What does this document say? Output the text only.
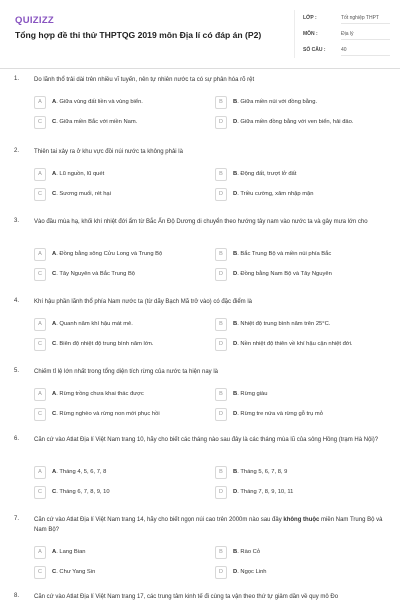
QUIZIZZ
Tổng hợp đề thi thử THPTQG 2019 môn Địa lí có đáp án (P2)
LỚP :	Tốt nghiệp THPT
MÔN :	Địa lý
SỐ CÂU :	40
1. Do lãnh thổ trải dài trên nhiều vĩ tuyến, nên tự nhiên nước ta có sự phân hóa rõ rệt
A	A. Giữa vùng đất liền và vùng biển.	B	B. Giữa miền núi với đồng bằng.
C	C. Giữa miền Bắc với miền Nam.	D	D. Giữa miền đồng bằng với ven biển, hải đảo.
2. Thiên tai xảy ra ở khu vực đồi núi nước ta không phải là
A	A. Lũ nguồn, lũ quét	B	B. Động đất, trượt lở đất
C	C. Sương muối, rét hại	D	D. Triều cường, xâm nhập mặn
3. Vào đầu mùa hạ, khối khí nhiệt đới ẩm từ Bắc Ấn Độ Dương di chuyển theo hướng tây nam vào nước ta và gây mưa lớn cho
A	A. Đồng bằng sông Cửu Long và Trung Bộ	B	B. Bắc Trung Bộ và miền núi phía Bắc
C	C. Tây Nguyên và Bắc Trung Bộ	D	D. Đồng bằng Nam Bộ và Tây Nguyên
4. Khí hậu phần lãnh thổ phía Nam nước ta (từ dãy Bạch Mã trở vào) có đặc điểm là
A	A. Quanh năm khí hậu mát mẻ.	B	B. Nhiệt độ trung bình năm trên 25°C.
C	C. Biên độ nhiệt độ trung bình năm lớn.	D	D. Nền nhiệt độ thiên về khí hậu cận nhiệt đới.
5. Chiếm tỉ lệ lớn nhất trong tổng diện tích rừng của nước ta hiện nay là
A	A. Rừng trồng chưa khai thác được	B	B. Rừng giàu
C	C. Rừng nghèo và rừng non mới phục hồi	D	D. Rừng tre nứa và rừng gỗ trụ mỏ
6. Căn cứ vào Atlat Địa lí Việt Nam trang 10, hãy cho biết các tháng nào sau đây là các tháng mùa lũ của sông Hồng (trạm Hà Nội)?
A	A. Tháng 4, 5, 6, 7, 8	B	B. Tháng 5, 6, 7, 8, 9
C	C. Tháng 6, 7, 8, 9, 10	D	D. Tháng 7, 8, 9, 10, 11
7. Căn cứ vào Atlat Địa lí Việt Nam trang 14, hãy cho biết ngọn núi cao trên 2000m nào sau đây không thuộc miền Nam Trung Bộ và Nam Bộ?
A	A. Lang Bian	B	B. Rào Cỏ
C	C. Chư Yang Sin	D	D. Ngọc Linh
8. Căn cứ vào Atlat Địa lí Việt Nam trang 17, các trung tâm kinh tế đi cùng ta vận theo thứ tự giảm dần về quy mô Đo
